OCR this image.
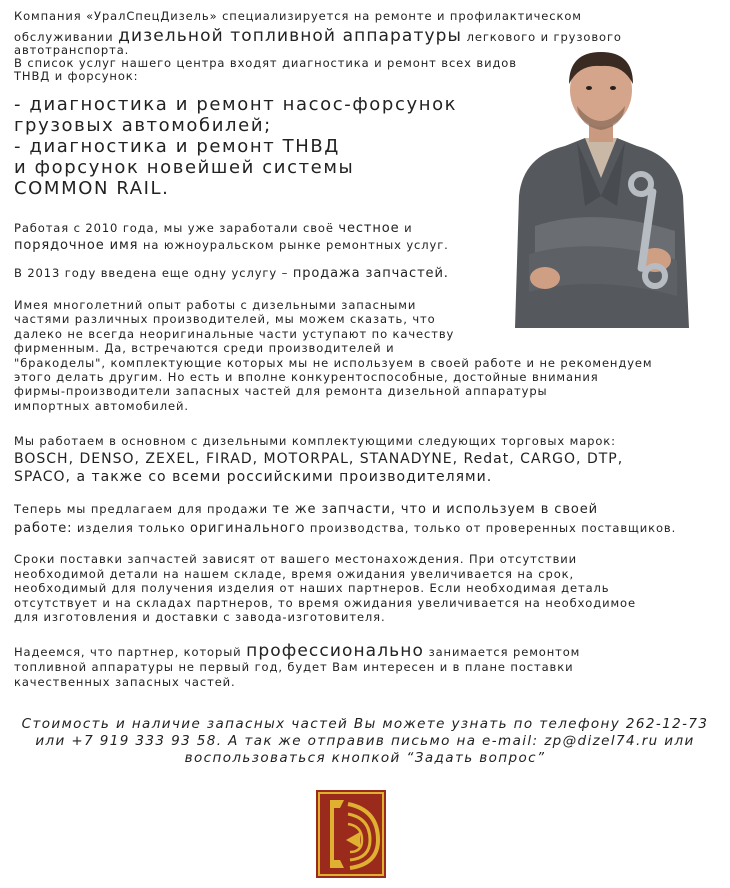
Компания «УралСпецДизель» специализируется на ремонте и профилактическом
обслуживании дизельной топливной аппаратуры легкового и грузового
автотранспорта.
В список услуг нашего центра входят диагностика и ремонт всех видов
ТНВД и форсунок:
- диагностика и ремонт насос-форсунок
грузовых автомобилей;
- диагностика и ремонт ТНВД
и форсунок новейшей системы
COMMON RAIL.
Работая с 2010 года, мы уже заработали своё честное и
порядочное имя на южноуральском рынке ремонтных услуг.
В 2013 году введена еще одну услугу – продажа запчастей.
Имея многолетний опыт работы с дизельными запасными
частями различных производителей, мы можем сказать, что
далеко не всегда неоригинальные части уступают по качеству
фирменным. Да, встречаются среди производителей и
"бракоделы", комплектующие которых мы не используем в своей работе и не рекомендуем
этого делать другим. Но есть и вполне конкурентоспособные, достойные внимания
фирмы-производители запасных частей для ремонта дизельной аппаратуры
импортных автомобилей.
Мы работаем в основном с дизельными комплектующими следующих торговых марок:
BOSCH, DENSO, ZEXEL, FIRAD, MOTORPAL, STANADYNE, Redat, CARGO, DTP,
SPACO, а также со всеми российскими производителями.
Теперь мы предлагаем для продажи те же запчасти, что и используем в своей
работе: изделия только оригинального производства, только от проверенных поставщиков.
Сроки поставки запчастей зависят от вашего местонахождения. При отсутствии
необходимой детали на нашем складе, время ожидания увеличивается на срок,
необходимый для получения изделия от наших партнеров. Если необходимая деталь
отсутствует и на складах партнеров, то время ожидания увеличивается на необходимое
для изготовления и доставки с завода-изготовителя.
Надеемся, что партнер, который профессионально занимается ремонтом
топливной аппаратуры не первый год, будет Вам интересен и в плане поставки
качественных запасных частей.
Стоимость и наличие запасных частей Вы можете узнать по телефону 262-12-73
или +7 919 333 93 58. А так же отправив письмо на e-mail: zp@dizel74.ru или
воспользоваться кнопкой “Задать вопрос”
